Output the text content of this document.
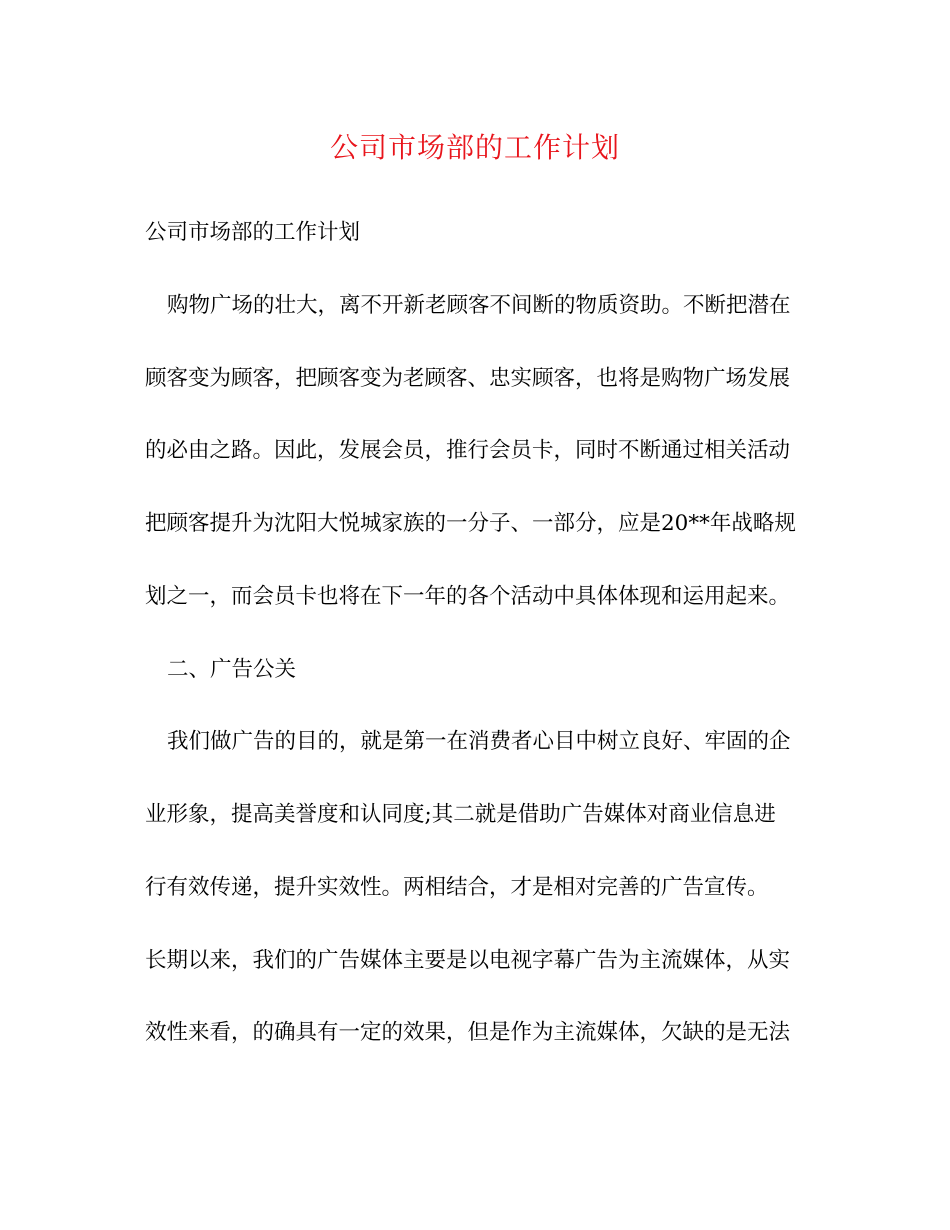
公司市场部的工作计划
公司市场部的工作计划
购物广场的壮大，离不开新老顾客不间断的物质资助。不断把潜在
顾客变为顾客，把顾客变为老顾客、忠实顾客，也将是购物广场发展
的必由之路。因此，发展会员，推行会员卡，同时不断通过相关活动
把顾客提升为沈阳大悦城家族的一分子、一部分，应是20**年战略规
划之一，而会员卡也将在下一年的各个活动中具体体现和运用起来。
二、广告公关
我们做广告的目的，就是第一在消费者心目中树立良好、牢固的企
业形象，提高美誉度和认同度;其二就是借助广告媒体对商业信息进
行有效传递，提升实效性。两相结合，才是相对完善的广告宣传。
长期以来，我们的广告媒体主要是以电视字幕广告为主流媒体，从实
效性来看，的确具有一定的效果，但是作为主流媒体，欠缺的是无法
